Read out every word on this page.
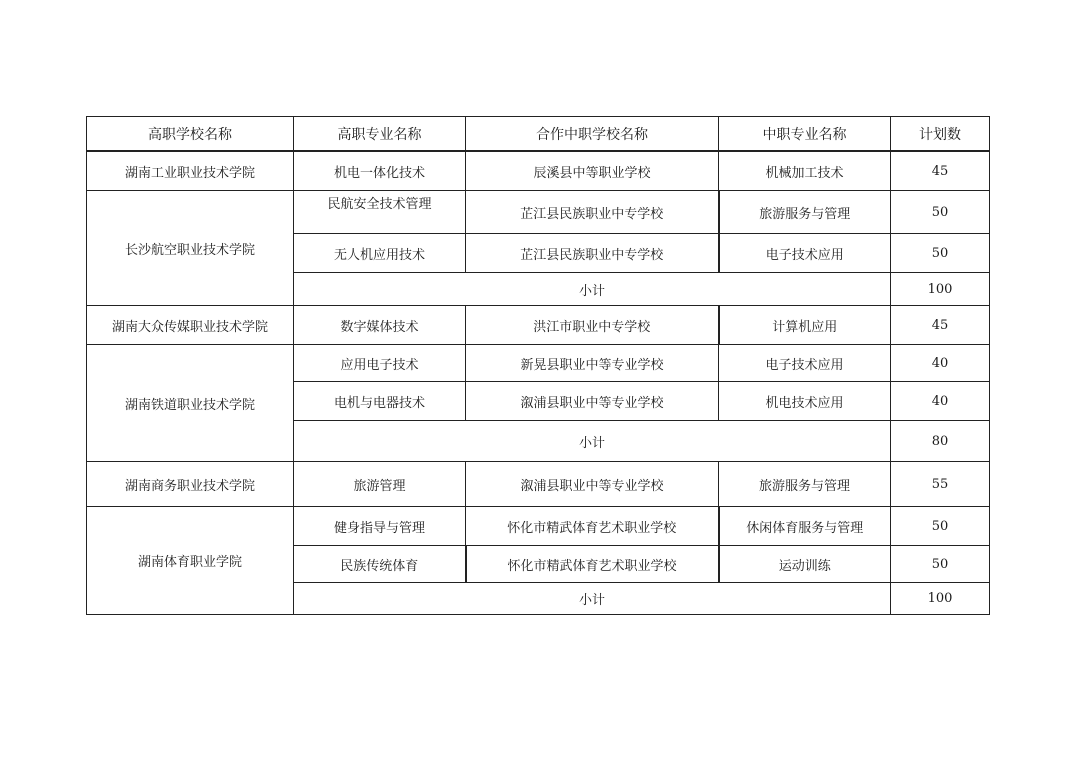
高职学校名称	高职专业名称	合作中职学校名称	中职专业名称	计划数
湖南工业职业技术学院	机电一体化技术	辰溪县中等职业学校	机械加工技术	45
长沙航空职业技术学院	民航安全技术管理	芷江县民族职业中专学校	旅游服务与管理	50
	无人机应用技术	芷江县民族职业中专学校	电子技术应用	50
	小计			100
湖南大众传媒职业技术学院	数字媒体技术	洪江市职业中专学校	计算机应用	45
湖南铁道职业技术学院	应用电子技术	新晃县职业中等专业学校	电子技术应用	40
	电机与电器技术	溆浦县职业中等专业学校	机电技术应用	40
	小计			80
湖南商务职业技术学院	旅游管理	溆浦县职业中等专业学校	旅游服务与管理	55
湖南体育职业学院	健身指导与管理	怀化市精武体育艺术职业学校	休闲体育服务与管理	50
	民族传统体育	怀化市精武体育艺术职业学校	运动训练	50
	小计			100
